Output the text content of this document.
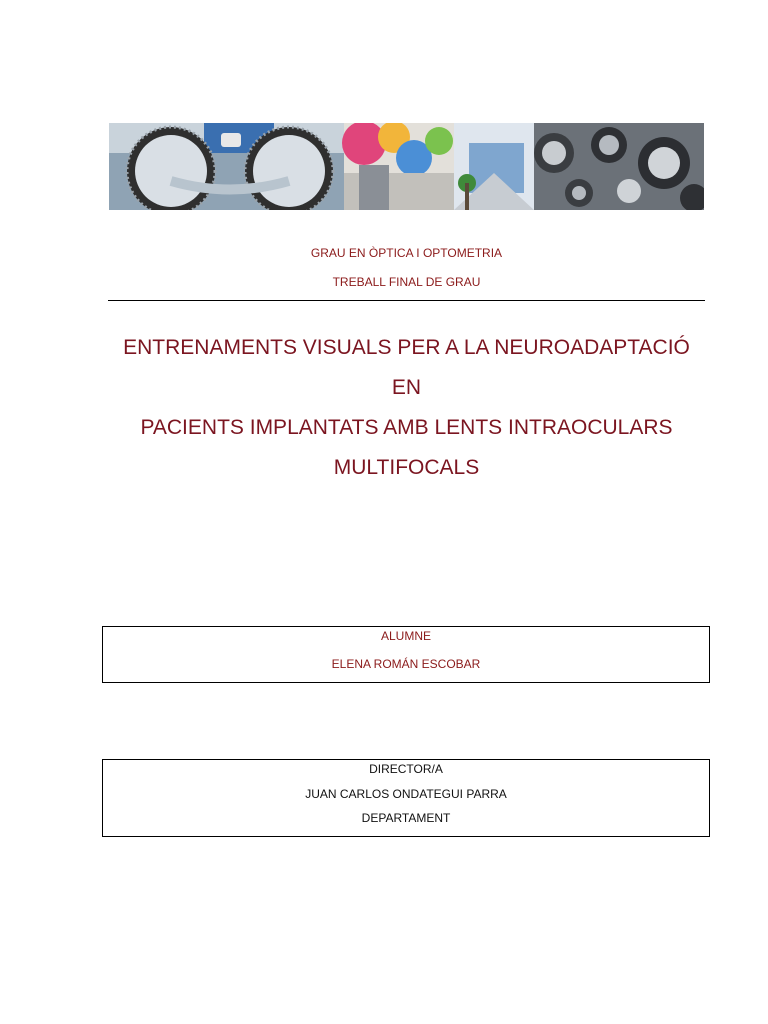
GRAU EN ÒPTICA I OPTOMETRIA
TREBALL FINAL DE GRAU
ENTRENAMENTS VISUALS PER A LA NEUROADAPTACIÓ EN
PACIENTS IMPLANTATS AMB LENTS INTRAOCULARS
MULTIFOCALS
ALUMNE
ELENA ROMÁN ESCOBAR
DIRECTOR/A
JUAN CARLOS ONDATEGUI PARRA
DEPARTAMENT
